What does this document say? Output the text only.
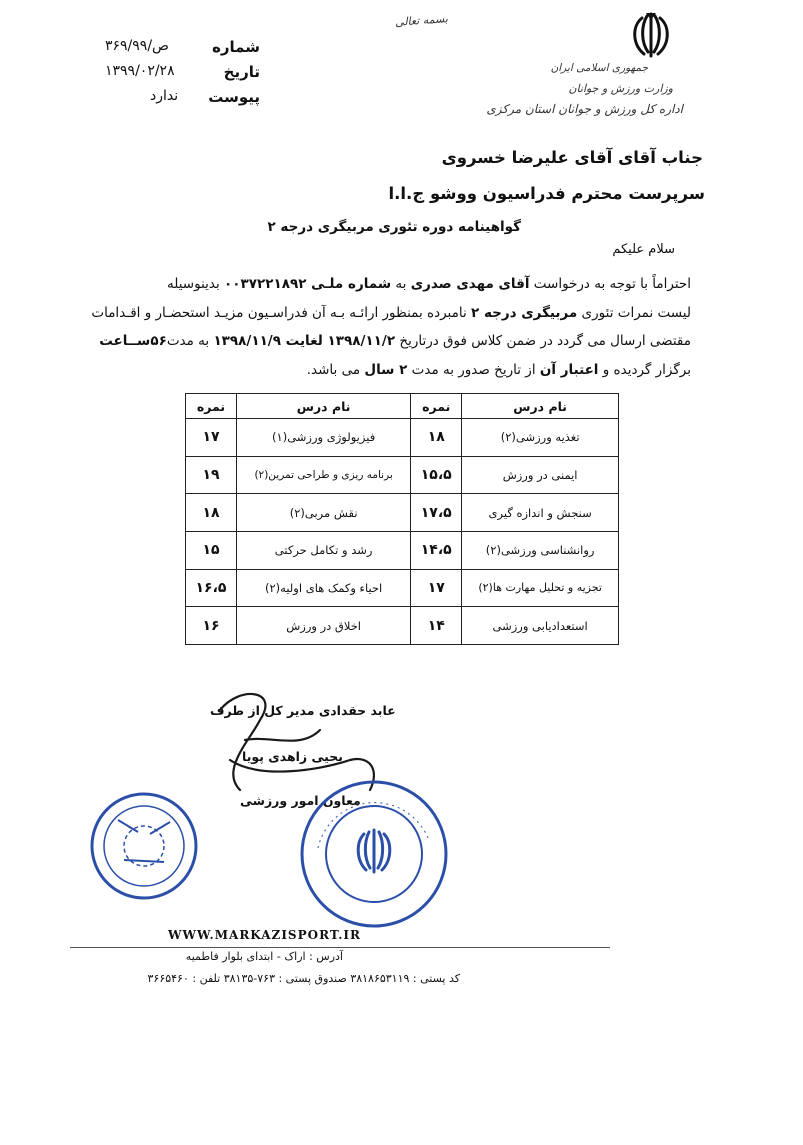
بسمه تعالی
شماره
۳۶۹/ص/۹۹
تاریخ
۱۳۹۹/۰۲/۲۸
پیوست
ندارد
جمهوری اسلامی ایران
وزارت ورزش و جوانان
اداره کل ورزش و جوانان استان مرکزی
جناب آقای آقای علیرضا خسروی
سرپرست محترم فدراسیون ووشو ج.ا.ا
گواهینامه دوره تئوری مربیگری درجه ۲
سلام علیکم

احتراماً با توجه به درخواست آقای مهدی صدری به شماره ملـی ۰۰۳۷۲۲۱۸۹۲ بدینوسیله

لیست نمرات تئوری مربیگری درجه ۲ نامبرده بمنظور ارائـه بـه آن فدراسـیون مزیـد استحضـار و اقـدامات

مقتضی ارسال می گردد در ضمن کلاس فوق درتاریخ ۱۳۹۸/۱۱/۲ لغایت ۱۳۹۸/۱۱/۹ به مدت۵۶ســاعت

برگزار گردیده و اعتبار آن از تاریخ صدور به مدت ۲ سال می باشد.

نام درس	نمره	نام درس	نمره
تغذیه ورزشی(۲)	۱۸	فیزیولوژی ورزشی(۱)	۱۷
ایمنی در ورزش	۱۵،۵	برنامه ریزی و طراحی تمرین(۲)	۱۹
سنجش و اندازه گیری	۱۷،۵	نقش مربی(۲)	۱۸
روانشناسی ورزشی(۲)	۱۴،۵	رشد و تکامل حرکتی	۱۵
تجزیه و تحلیل مهارت ها(۲)	۱۷	احیاء وکمک های اولیه(۲)	۱۶،۵
استعدادیابی ورزشی	۱۴	اخلاق در ورزش	۱۶
عابد حقدادی مدیر کل از طرف
یحیی زاهدی پویا
معاون امور ورزشی
WWW.MARKAZISPORT.IR
آدرس : اراک - ابتدای بلوار فاطمیه
کد پستی : ۳۸۱۸۶۵۳۱۱۹ صندوق پستی : ۷۶۳-۳۸۱۳۵ تلفن : ۳۶۶۵۴۶۰
